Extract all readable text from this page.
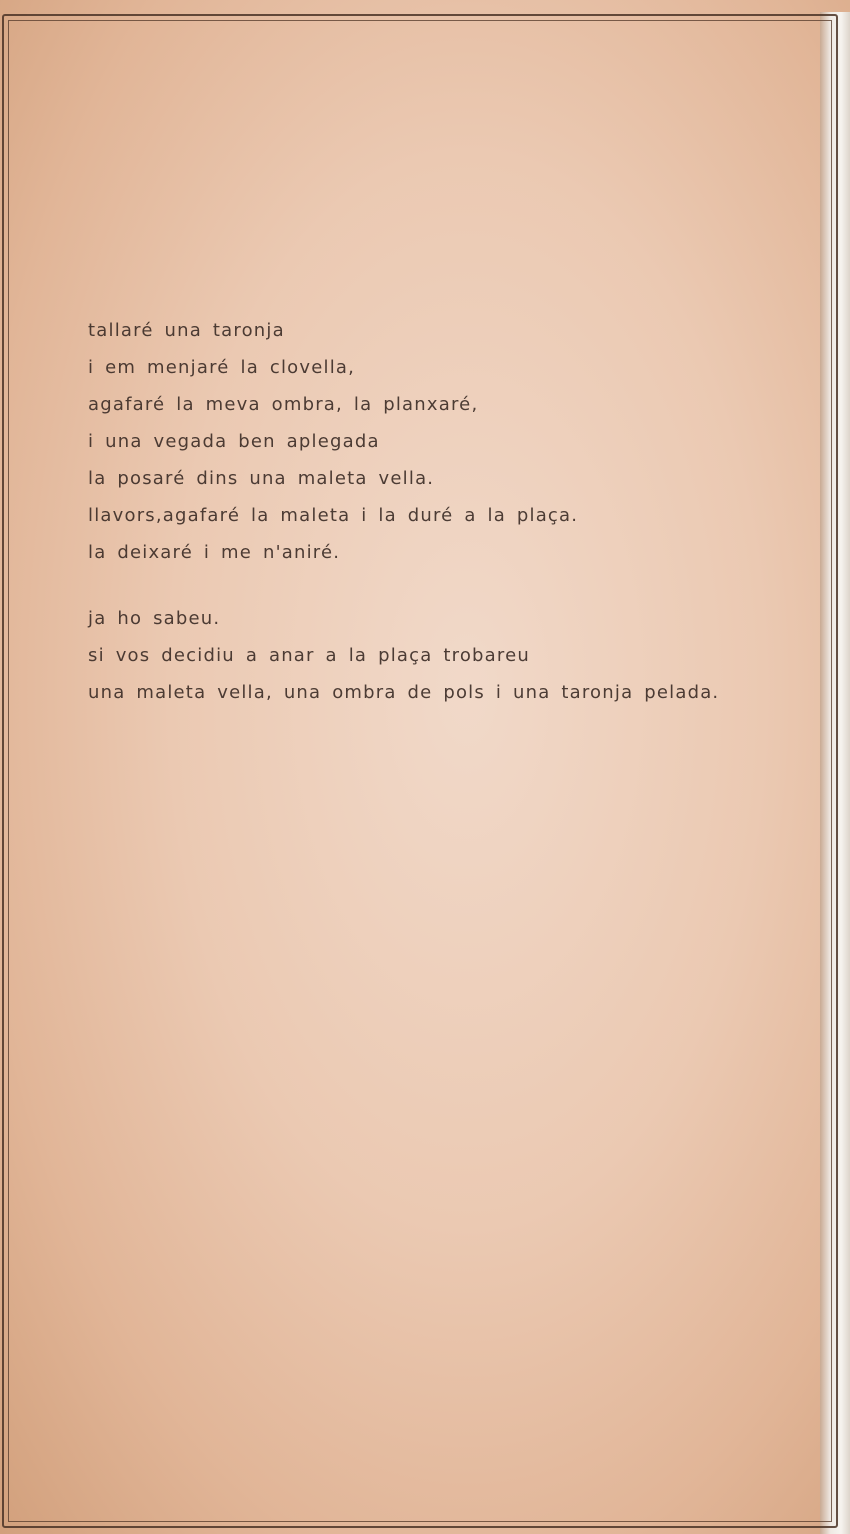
tallaré una taronja
i em menjaré la clovella,
agafaré la meva ombra, la planxaré,
i una vegada ben aplegada
la posaré dins una maleta vella.
llavors,agafaré la maleta i la duré a la plaça.
la deixaré i me n'aniré.
ja ho sabeu.
si vos decidiu a anar a la plaça trobareu
una maleta vella, una ombra de pols i una taronja pelada.
